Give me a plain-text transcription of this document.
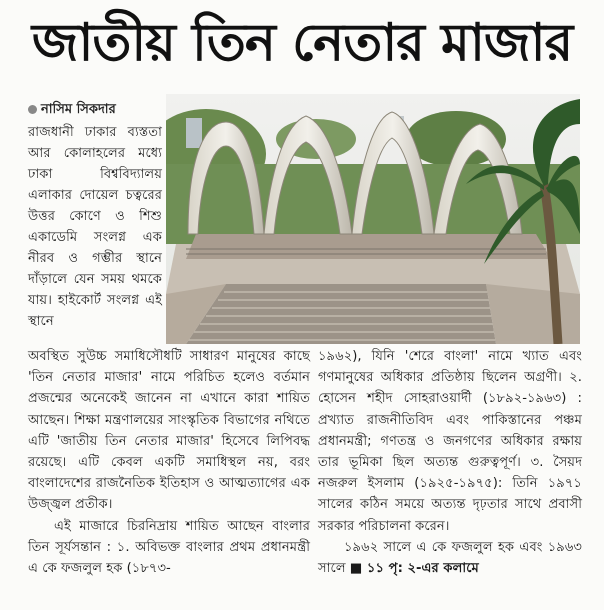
জাতীয় তিন নেতার মাজার
নাসিম সিকদার

রাজধানী ঢাকার ব্যস্ততা আর কোলাহলের মধ্যে ঢাকা বিশ্ববিদ্যালয় এলাকার দোয়েল চত্বরের উত্তর কোণে ও শিশু একাডেমি সংলগ্ন এক নীরব ও গম্ভীর স্থানে দাঁড়ালে যেন সময় থমকে যায়। হাইকোর্ট সংলগ্ন এই স্থানে

অবস্থিত সুউচ্চ সমাধিসৌধটি সাধারণ মানুষের কাছে 'তিন নেতার মাজার' নামে পরিচিত হলেও বর্তমান প্রজন্মের অনেকেই জানেন না এখানে কারা শায়িত আছেন। শিক্ষা মন্ত্রণালয়ের সাংস্কৃতিক বিভাগের নথিতে এটি 'জাতীয় তিন নেতার মাজার' হিসেবে লিপিবদ্ধ রয়েছে। এটি কেবল একটি সমাধিস্থল নয়, বরং বাংলাদেশের রাজনৈতিক ইতিহাস ও আত্মত্যাগের এক উজ্জ্বল প্রতীক।

এই মাজারে চিরনিদ্রায় শায়িত আছেন বাংলার তিন সূর্যসন্তান : ১. অবিভক্ত বাংলার প্রথম প্রধানমন্ত্রী এ কে ফজলুল হক (১৮৭৩-

১৯৬২), যিনি 'শেরে বাংলা' নামে খ্যাত এবং গণমানুষের অধিকার প্রতিষ্ঠায় ছিলেন অগ্রণী। ২. হোসেন শহীদ সোহরাওয়ার্দী (১৮৯২-১৯৬৩) : প্রখ্যাত রাজনীতিবিদ এবং পাকিস্তানের পঞ্চম প্রধানমন্ত্রী; গণতন্ত্র ও জনগণের অধিকার রক্ষায় তার ভূমিকা ছিল অত্যন্ত গুরুত্বপূর্ণ। ৩. সৈয়দ নজরুল ইসলাম (১৯২৫-১৯৭৫): তিনি ১৯৭১ সালের কঠিন সময়ে অত্যন্ত দৃঢ়তার সাথে প্রবাসী সরকার পরিচালনা করেন।

১৯৬২ সালে এ কে ফজলুল হক এবং ১৯৬৩ সালে ■ ১১ পৃ: ২-এর কলামে
